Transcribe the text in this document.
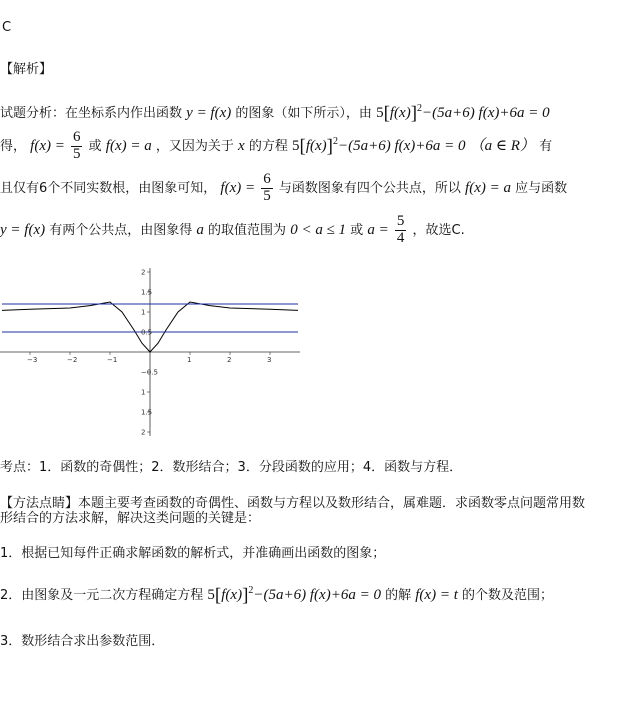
C
【解析】
试题分析：在坐标系内作出函数 y = f(x) 的图象（如下所示），由 $5[f(x)]^2-(5a+6) f(x)+6a = 0$
得， $f(x) = \frac{6}{5}$ 或 f(x) = a ，又因为关于 x 的方程 $5[f(x)]^2-(5a+6) f(x)+6a = 0$ （a ∈ R） 有
且仅有6个不同实数根，由图象可知， $f(x) = \frac{6}{5}$ 与函数图象有四个公共点，所以 f(x) = a 应与函数
y = f(x) 有两个公共点，由图象得 a 的取值范围为 0 < a ≤ 1 或 $a = \frac{5}{4}$ ，故选C.
−3	−2	−1	1	2	3
2
1.5
1
0.5
−0.5
1
1.5
2
考点：1．函数的奇偶性；2．数形结合；3．分段函数的应用；4．函数与方程．
【方法点睛】本题主要考查函数的奇偶性、函数与方程以及数形结合，属难题．求函数零点问题常用数
形结合的方法求解，解决这类问题的关键是：
1．根据已知每件正确求解函数的解析式，并准确画出函数的图象；
2．由图象及一元二次方程确定方程 $5[f(x)]^2-(5a+6) f(x)+6a = 0$ 的解 f(x) = t 的个数及范围；
3．数形结合求出参数范围．
